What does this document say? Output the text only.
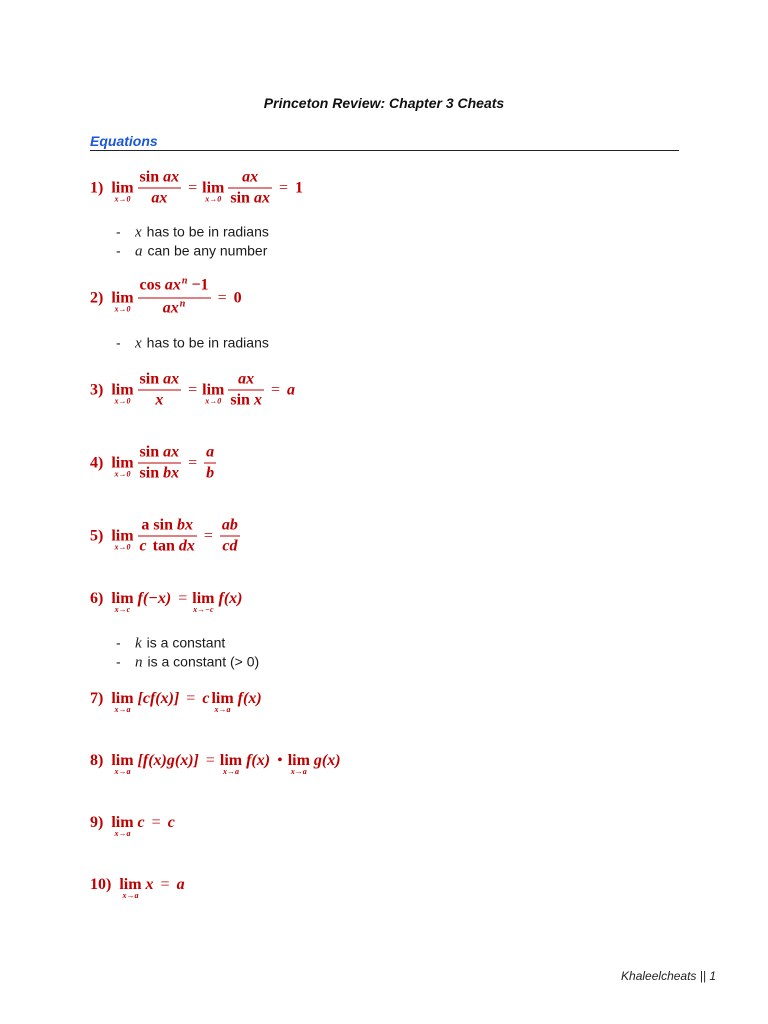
Princeton Review: Chapter 3 Cheats
Equations
1) lim
$x\to 0 \frac{\text{sin ax}}{ax} = \lim$
$x\to 0 \frac{ax}{\text{sin ax}} = 1$
- x has to be in radians
- a can be any number
2) lim
$x\to 0 \frac{\text{cos ax n −1}}{\text{ax n}} = 0$
- x has to be in radians
3) lim
$x\to 0 \frac{\text{sin ax}}{x} = \lim$
$x\to 0 \frac{ax}{\text{sin x}} = a$
4) lim
$x\to 0 \frac{\text{sin ax}}{\text{sin bx}} = \frac{a}{b}$
5) lim
$x\to 0 \frac{\text{a sin bx}}{\text{c tan dx}} = \frac{ab}{cd}$
6) lim
x→c
f(−x) = lim
x→−c
f(x)
- k is a constant
- n is a constant (> 0)
7) lim
x→a
[cf(x)] = c lim
x→a
f(x)
8) lim
x→a
[f(x)g(x)] = lim
x→a
f(x) • lim
x→a
g(x)
9) lim
x→a
c = c
10) lim
x→a
x = a
Khaleelcheats || 1
